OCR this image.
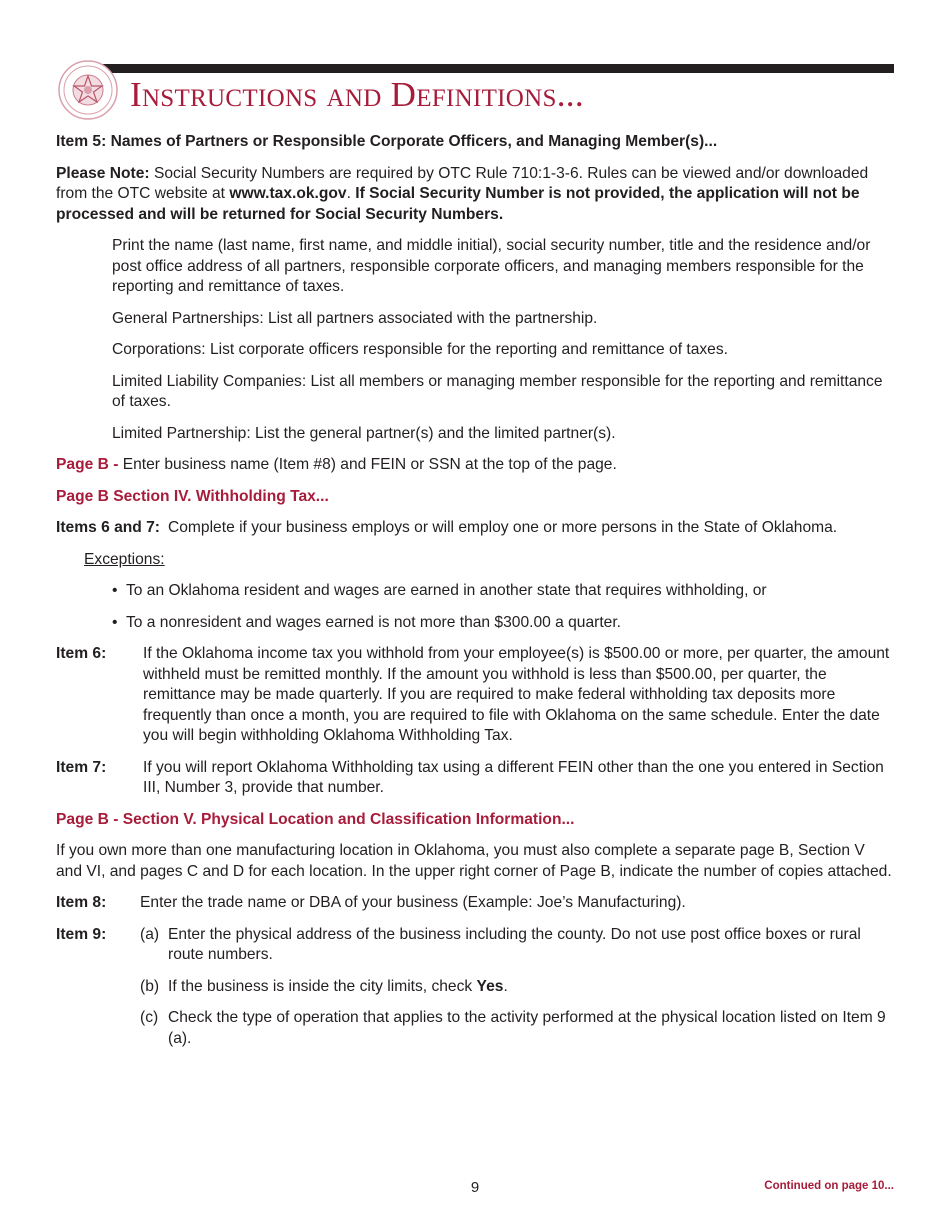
Instructions and Definitions...

Item 5: Names of Partners or Responsible Corporate Officers, and Managing Member(s)...

Please Note: Social Security Numbers are required by OTC Rule 710:1-3-6. Rules can be viewed and/or downloaded from the OTC website at www.tax.ok.gov. If Social Security Number is not provided, the application will not be processed and will be returned for Social Security Numbers.

Print the name (last name, first name, and middle initial), social security number, title and the residence and/or post office address of all partners, responsible corporate officers, and managing members responsible for the reporting and remittance of taxes.

General Partnerships: List all partners associated with the partnership.

Corporations: List corporate officers responsible for the reporting and remittance of taxes.

Limited Liability Companies: List all members or managing member responsible for the reporting and remittance of taxes.

Limited Partnership: List the general partner(s) and the limited partner(s).

Page B - Enter business name (Item #8) and FEIN or SSN at the top of the page.

Page B Section IV. Withholding Tax...

Items 6 and 7: Complete if your business employs or will employ one or more persons in the State of Oklahoma.

Exceptions:

• To an Oklahoma resident and wages are earned in another state that requires withholding, or
• To a nonresident and wages earned is not more than $300.00 a quarter.
Item 6:	If the Oklahoma income tax you withhold from your employee(s) is $500.00 or more, per quarter, the amount withheld must be remitted monthly. If the amount you withhold is less than $500.00, per quarter, the remittance may be made quarterly. If you are required to make federal withholding tax deposits more frequently than once a month, you are required to file with Oklahoma on the same schedule. Enter the date you will begin withholding Oklahoma Withholding Tax.
Item 7:	If you will report Oklahoma Withholding tax using a different FEIN other than the one you entered in Section III, Number 3, provide that number.

Page B - Section V. Physical Location and Classification Information...

If you own more than one manufacturing location in Oklahoma, you must also complete a separate page B, Section V and VI, and pages C and D for each location. In the upper right corner of Page B, indicate the number of copies attached.

Item 8:	Enter the trade name or DBA of your business (Example: Joe’s Manufacturing).
Item 9:	(a) Enter the physical address of the business including the county. Do not use post office boxes or rural route numbers.
(b) If the business is inside the city limits, check Yes.
(c) Check the type of operation that applies to the activity performed at the physical location listed on Item 9 (a).
9	Continued on page 10...
